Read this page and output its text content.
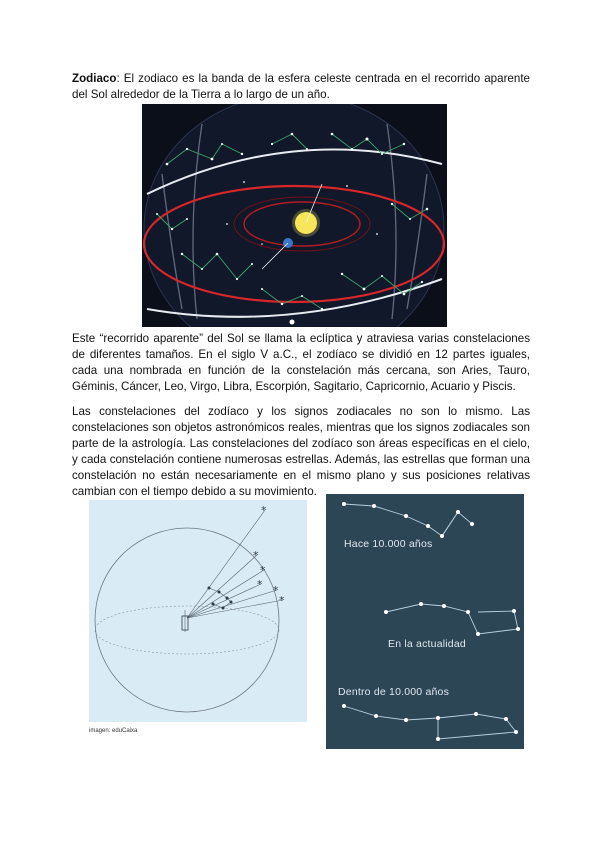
Zodiaco: El zodiaco es la banda de la esfera celeste centrada en el recorrido aparente del Sol alrededor de la Tierra a lo largo de un año.

Este “recorrido aparente” del Sol se llama la eclíptica y atraviesa varias constelaciones de diferentes tamaños. En el siglo V a.C., el zodíaco se dividió en 12 partes iguales, cada una nombrada en función de la constelación más cercana, son Aries, Tauro, Géminis, Cáncer, Leo, Virgo, Libra, Escorpión, Sagitario, Capricornio, Acuario y Piscis.

Las constelaciones del zodíaco y los signos zodiacales no son lo mismo. Las constelaciones son objetos astronómicos reales, mientras que los signos zodiacales son parte de la astrología. Las constelaciones del zodíaco son áreas específicas en el cielo, y cada constelación contiene numerosas estrellas. Además, las estrellas que forman una constelación no están necesariamente en el mismo plano y sus posiciones relativas cambian con el tiempo debido a su movimiento.

*
*
*
* *
*
imagen: eduCaixa
Hace 10.000 años
En la actualidad
Dentro de 10.000 años
